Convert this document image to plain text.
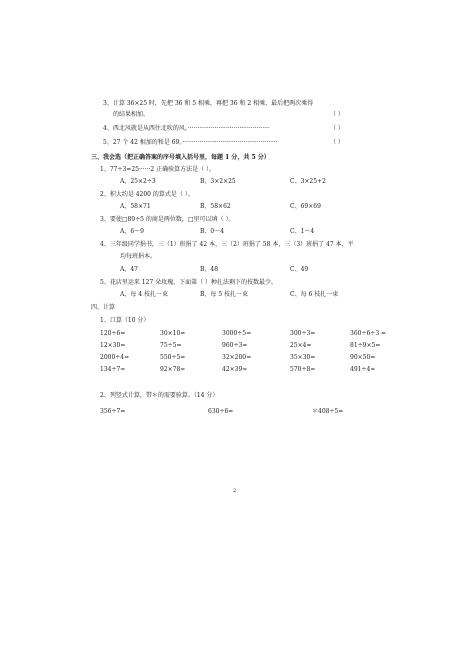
3、计算 36×25 时，先把 36 和 5 相乘，再把 36 和 2 相乘，最后把两次乘得
的结果相加。	（ ）
4、西北风就是从西往北吹的风。···········································	（ ）
5、27 个 42 相加的和是 69。··················································	（ ）
三、我会选（把正确答案的序号填入括号里，每题 1 分，共 5 分）
1、77÷3=25······2 正确验算方法是（ ）。
A、25×2÷3	B、3×2×25	C、3×25+2
2、积大约是 4200 的算式是（ ）。
A、58×71	B、58×62	C、69×69
3、要使□89÷5 的商是两位数，□里可以填（ ）。
A、6～9	B、0～4	C、1～4
4、三年级同学捐书，三（1）班捐了 42 本，三（2）班捐了 58 本，三（3）班捐了 47 本，平
均每班捐本。
A、47	B、48	C、49
5、花店里运来 127 朵玫瑰，下面第（ ）种扎法剩下的枝数最少。
A、每 4 枝扎一束	B、每 5 枝扎一束	C、每 6 枝扎一束
四、计算
1、口算（10 分）
120÷6=	30×10=	3000÷5=	300÷3=	360÷6÷3 =
12×30=	75÷5=	960÷3=	25×4=	81÷9×5=
2000÷4=	550÷5=	32×200=	35×30=	90×50=
134÷7≈	92×78≈	42×39≈	570÷8≈	491÷4≈
2、列竖式计算，带＊的需要验算。（14 分）
356÷7=	630÷6=	＊408÷5=
2
